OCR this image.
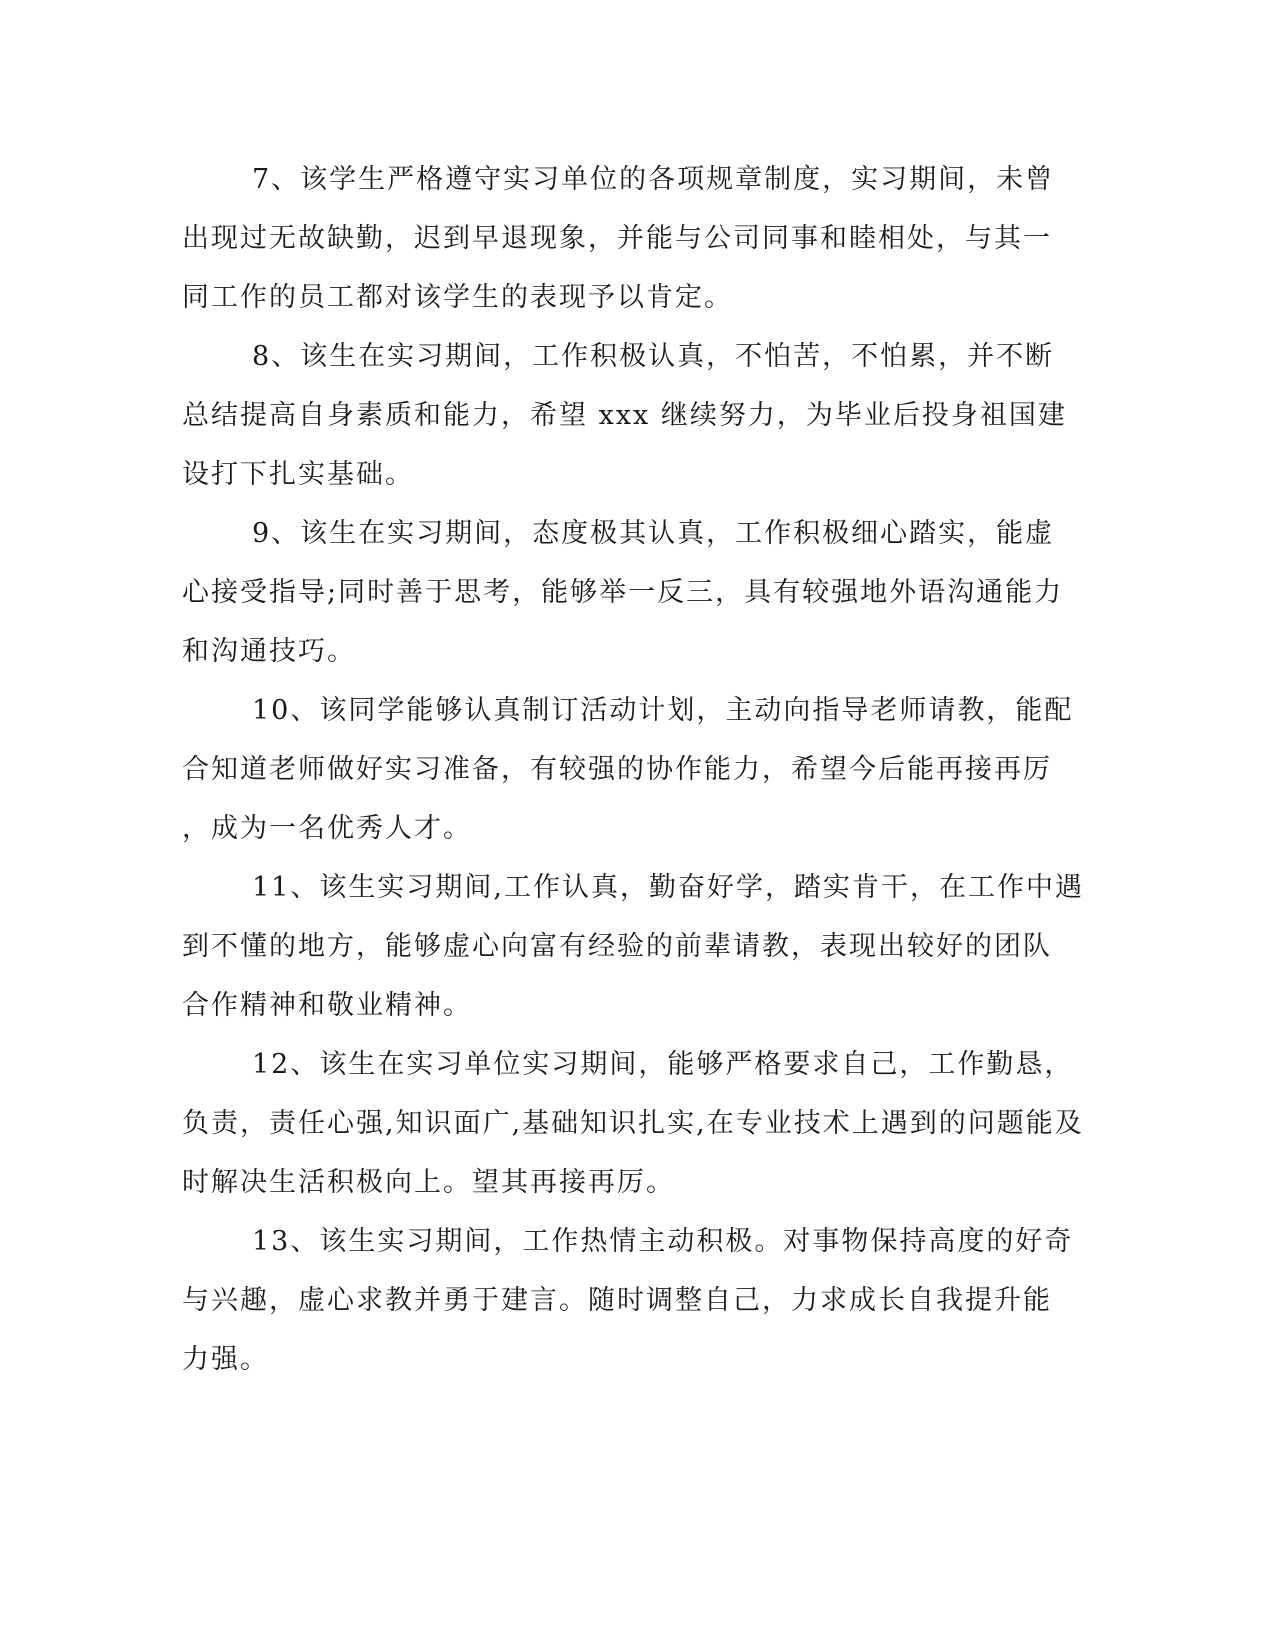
7、该学生严格遵守实习单位的各项规章制度，实习期间，未曾
出现过无故缺勤，迟到早退现象，并能与公司同事和睦相处，与其一
同工作的员工都对该学生的表现予以肯定。
8、该生在实习期间，工作积极认真，不怕苦，不怕累，并不断
总结提高自身素质和能力，希望 xxx 继续努力，为毕业后投身祖国建
设打下扎实基础。
9、该生在实习期间，态度极其认真，工作积极细心踏实，能虚
心接受指导;同时善于思考，能够举一反三，具有较强地外语沟通能力
和沟通技巧。
10、该同学能够认真制订活动计划，主动向指导老师请教，能配
合知道老师做好实习准备，有较强的协作能力，希望今后能再接再厉
，成为一名优秀人才。
11、该生实习期间,工作认真，勤奋好学，踏实肯干，在工作中遇
到不懂的地方，能够虚心向富有经验的前辈请教，表现出较好的团队
合作精神和敬业精神。
12、该生在实习单位实习期间，能够严格要求自己，工作勤恳，
负责，责任心强,知识面广,基础知识扎实,在专业技术上遇到的问题能及
时解决生活积极向上。望其再接再厉。
13、该生实习期间，工作热情主动积极。对事物保持高度的好奇
与兴趣，虚心求教并勇于建言。随时调整自己，力求成长自我提升能
力强。
